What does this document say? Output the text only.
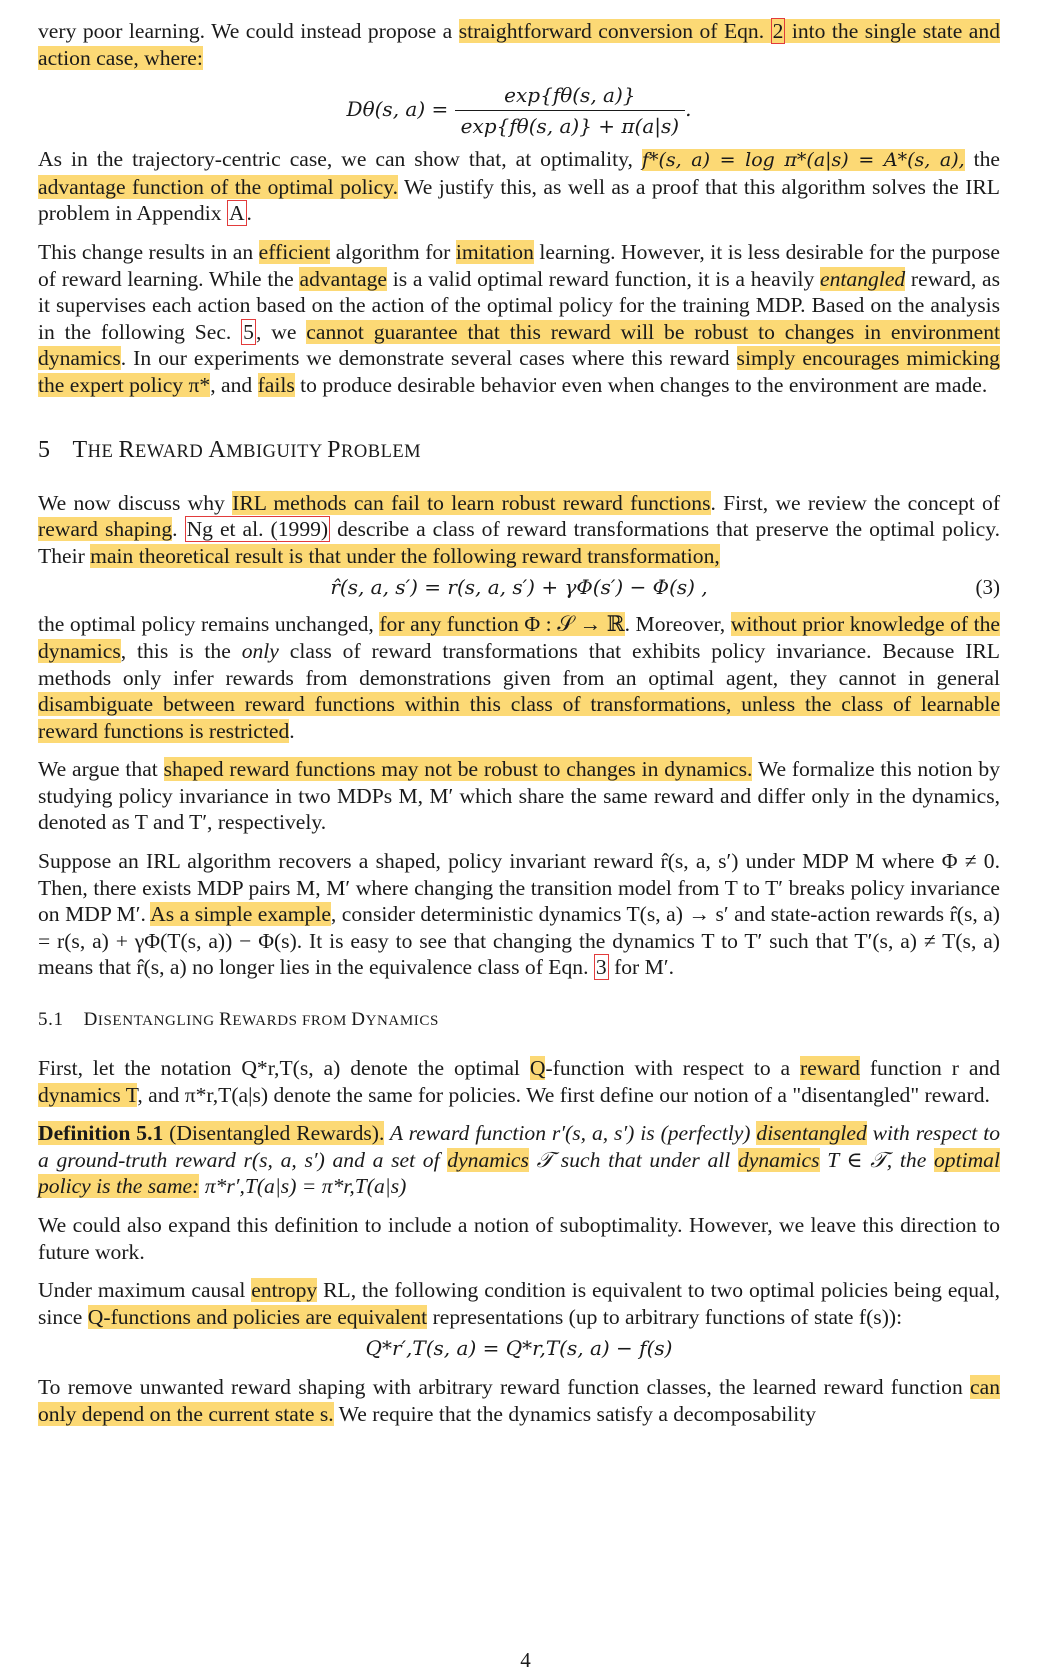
very poor learning. We could instead propose a straightforward conversion of Eqn. 2 into the single state and action case, where:

Dθ(s, $a) = \frac{\exp\{f\theta(s, a)\}}{\exp\{f\theta(s, a)\} + \pi(a|s)}$ .

As in the trajectory-centric case, we can show that, at optimality, f*(s, a) = log π*(a|s) = A*(s, a), the advantage function of the optimal policy. We justify this, as well as a proof that this algorithm solves the IRL problem in Appendix A.

This change results in an efficient algorithm for imitation learning. However, it is less desirable for the purpose of reward learning. While the advantage is a valid optimal reward function, it is a heavily entangled reward, as it supervises each action based on the action of the optimal policy for the training MDP. Based on the analysis in the following Sec. 5, we cannot guarantee that this reward will be robust to changes in environment dynamics. In our experiments we demonstrate several cases where this reward simply encourages mimicking the expert policy π*, and fails to produce desirable behavior even when changes to the environment are made.

5 THE REWARD AMBIGUITY PROBLEM

We now discuss why IRL methods can fail to learn robust reward functions. First, we review the concept of reward shaping. Ng et al. (1999) describe a class of reward transformations that preserve the optimal policy. Their main theoretical result is that under the following reward transformation,

r̂(s, a, s′) = r(s, a, s′) + γΦ(s′) − Φ(s) ,	(3)

the optimal policy remains unchanged, for any function Φ : 𝒮 → ℝ. Moreover, without prior knowledge of the dynamics, this is the only class of reward transformations that exhibits policy invariance. Because IRL methods only infer rewards from demonstrations given from an optimal agent, they cannot in general disambiguate between reward functions within this class of transformations, unless the class of learnable reward functions is restricted.

We argue that shaped reward functions may not be robust to changes in dynamics. We formalize this notion by studying policy invariance in two MDPs M, M′ which share the same reward and differ only in the dynamics, denoted as T and T′, respectively.

Suppose an IRL algorithm recovers a shaped, policy invariant reward r̂(s, a, s′) under MDP M where Φ ≠ 0. Then, there exists MDP pairs M, M′ where changing the transition model from T to T′ breaks policy invariance on MDP M′. As a simple example, consider deterministic dynamics T(s, a) → s′ and state-action rewards r̂(s, a) = r(s, a) + γΦ(T(s, a)) − Φ(s). It is easy to see that changing the dynamics T to T′ such that T′(s, a) ≠ T(s, a) means that r̂(s, a) no longer lies in the equivalence class of Eqn. 3 for M′.

5.1 DISENTANGLING REWARDS FROM DYNAMICS

First, let the notation Q*r,T(s, a) denote the optimal Q-function with respect to a reward function r and dynamics T, and π*r,T(a|s) denote the same for policies. We first define our notion of a "disentangled" reward.

Definition 5.1 (Disentangled Rewards). A reward function r′(s, a, s′) is (perfectly) disentangled with respect to a ground-truth reward r(s, a, s′) and a set of dynamics 𝒯 such that under all dynamics T ∈ 𝒯, the optimal policy is the same: π*r′,T(a|s) = π*r,T(a|s)

We could also expand this definition to include a notion of suboptimality. However, we leave this direction to future work.

Under maximum causal entropy RL, the following condition is equivalent to two optimal policies being equal, since Q-functions and policies are equivalent representations (up to arbitrary functions of state f(s)):

Q*r′,T(s, a) = Q*r,T(s, a) − f(s)

To remove unwanted reward shaping with arbitrary reward function classes, the learned reward function can only depend on the current state s. We require that the dynamics satisfy a decomposability

4
